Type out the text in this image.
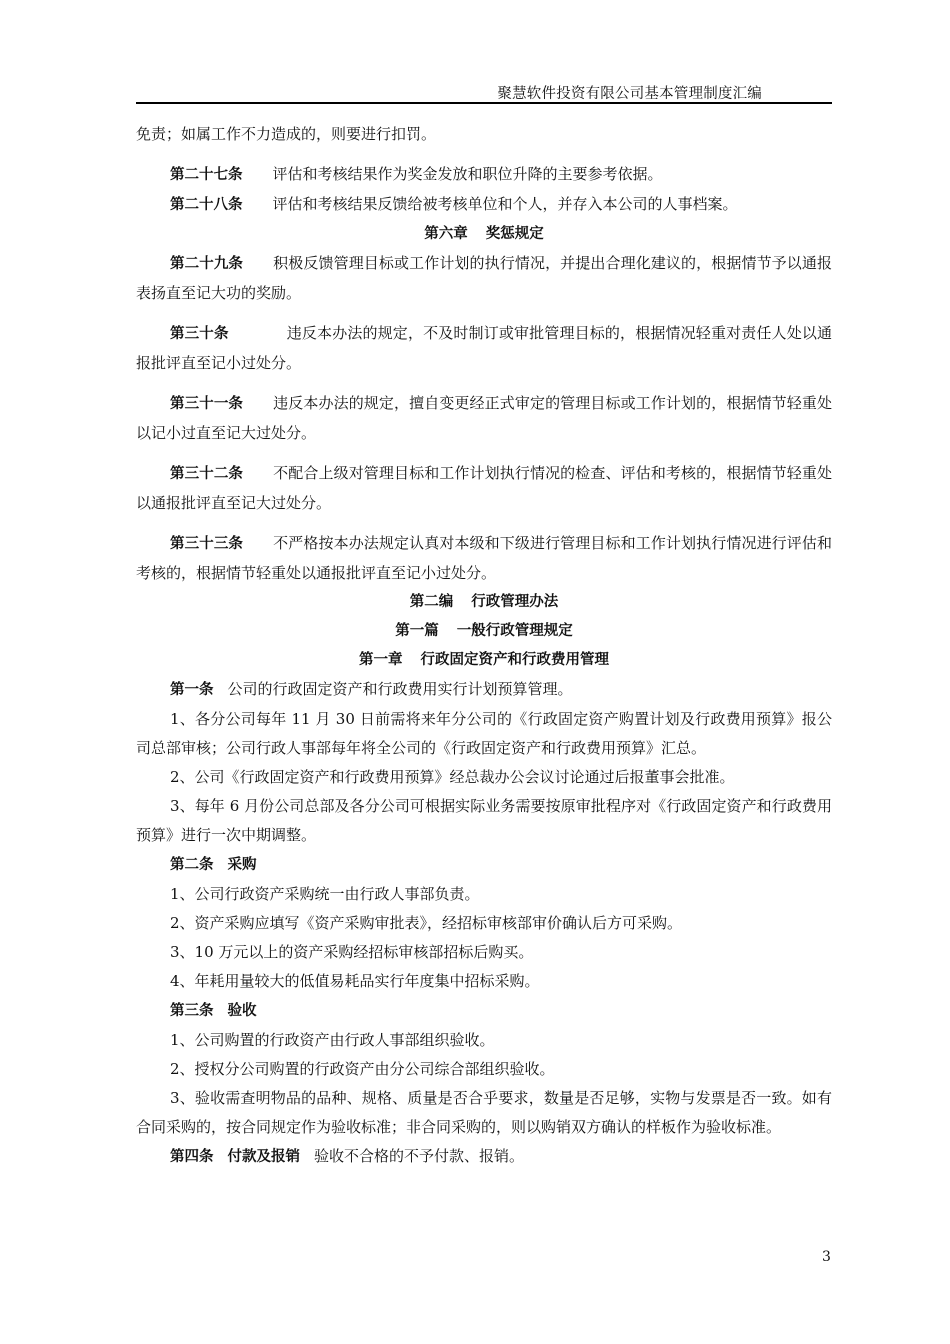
聚慧软件投资有限公司基本管理制度汇编

免责；如属工作不力造成的，则要进行扣罚。

第二十七条 评估和考核结果作为奖金发放和职位升降的主要参考依据。

第二十八条 评估和考核结果反馈给被考核单位和个人，并存入本公司的人事档案。

第六章 奖惩规定

第二十九条 积极反馈管理目标或工作计划的执行情况，并提出合理化建议的，根据情节予以通报表扬直至记大功的奖励。

第三十条	违反本办法的规定，不及时制订或审批管理目标的，根据情况轻重对责任人处以通报批评直至记小过处分。

第三十一条 违反本办法的规定，擅自变更经正式审定的管理目标或工作计划的，根据情节轻重处以记小过直至记大过处分。

第三十二条 不配合上级对管理目标和工作计划执行情况的检查、评估和考核的，根据情节轻重处以通报批评直至记大过处分。

第三十三条 不严格按本办法规定认真对本级和下级进行管理目标和工作计划执行情况进行评估和考核的，根据情节轻重处以通报批评直至记小过处分。

第二编 行政管理办法

第一篇 一般行政管理规定

第一章 行政固定资产和行政费用管理

第一条 公司的行政固定资产和行政费用实行计划预算管理。

1、各分公司每年 11 月 30 日前需将来年分公司的《行政固定资产购置计划及行政费用预算》报公司总部审核；公司行政人事部每年将全公司的《行政固定资产和行政费用预算》汇总。

2、公司《行政固定资产和行政费用预算》经总裁办公会议讨论通过后报董事会批准。

3、每年 6 月份公司总部及各分公司可根据实际业务需要按原审批程序对《行政固定资产和行政费用预算》进行一次中期调整。

第二条 采购

1、公司行政资产采购统一由行政人事部负责。

2、资产采购应填写《资产采购审批表》，经招标审核部审价确认后方可采购。

3、10 万元以上的资产采购经招标审核部招标后购买。

4、年耗用量较大的低值易耗品实行年度集中招标采购。

第三条 验收

1、公司购置的行政资产由行政人事部组织验收。

2、授权分公司购置的行政资产由分公司综合部组织验收。

3、验收需查明物品的品种、规格、质量是否合乎要求，数量是否足够，实物与发票是否一致。如有合同采购的，按合同规定作为验收标准；非合同采购的，则以购销双方确认的样板作为验收标准。

第四条 付款及报销 验收不合格的不予付款、报销。

3
